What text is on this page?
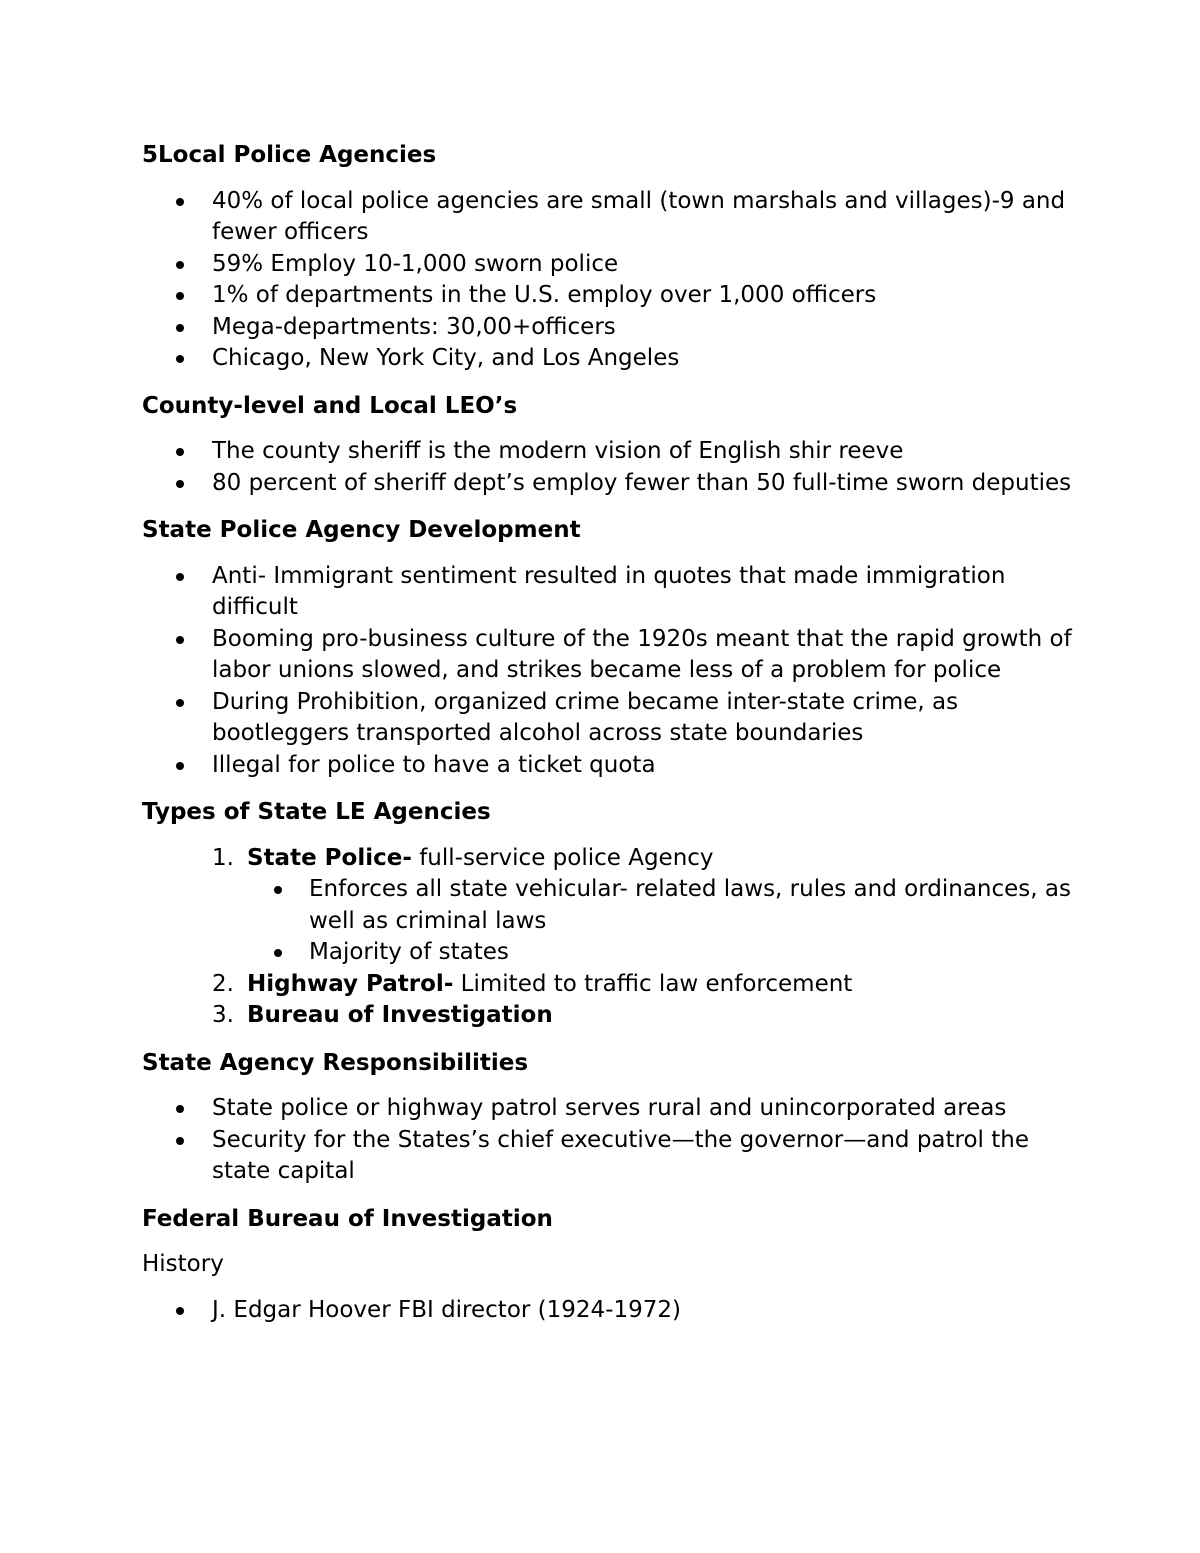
5Local Police Agencies
40% of local police agencies are small (town marshals and villages)-9 and fewer officers
59% Employ 10-1,000 sworn police
1% of departments in the U.S. employ over 1,000 officers
Mega-departments: 30,00+officers
Chicago, New York City, and Los Angeles
County-level and Local LEO’s
The county sheriff is the modern vision of English shir reeve
80 percent of sheriff dept’s employ fewer than 50 full-time sworn deputies
State Police Agency Development
Anti- Immigrant sentiment resulted in quotes that made immigration difficult
Booming pro-business culture of the 1920s meant that the rapid growth of labor unions slowed, and strikes became less of a problem for police
During Prohibition, organized crime became inter-state crime, as bootleggers transported alcohol across state boundaries
Illegal for police to have a ticket quota
Types of State LE Agencies
1. State Police- full-service police Agency
Enforces all state vehicular- related laws, rules and ordinances, as well as criminal laws
Majority of states
2. Highway Patrol- Limited to traffic law enforcement
3. Bureau of Investigation
State Agency Responsibilities
State police or highway patrol serves rural and unincorporated areas
Security for the States’s chief executive—the governor—and patrol the state capital
Federal Bureau of Investigation

History

J. Edgar Hoover FBI director (1924-1972)
